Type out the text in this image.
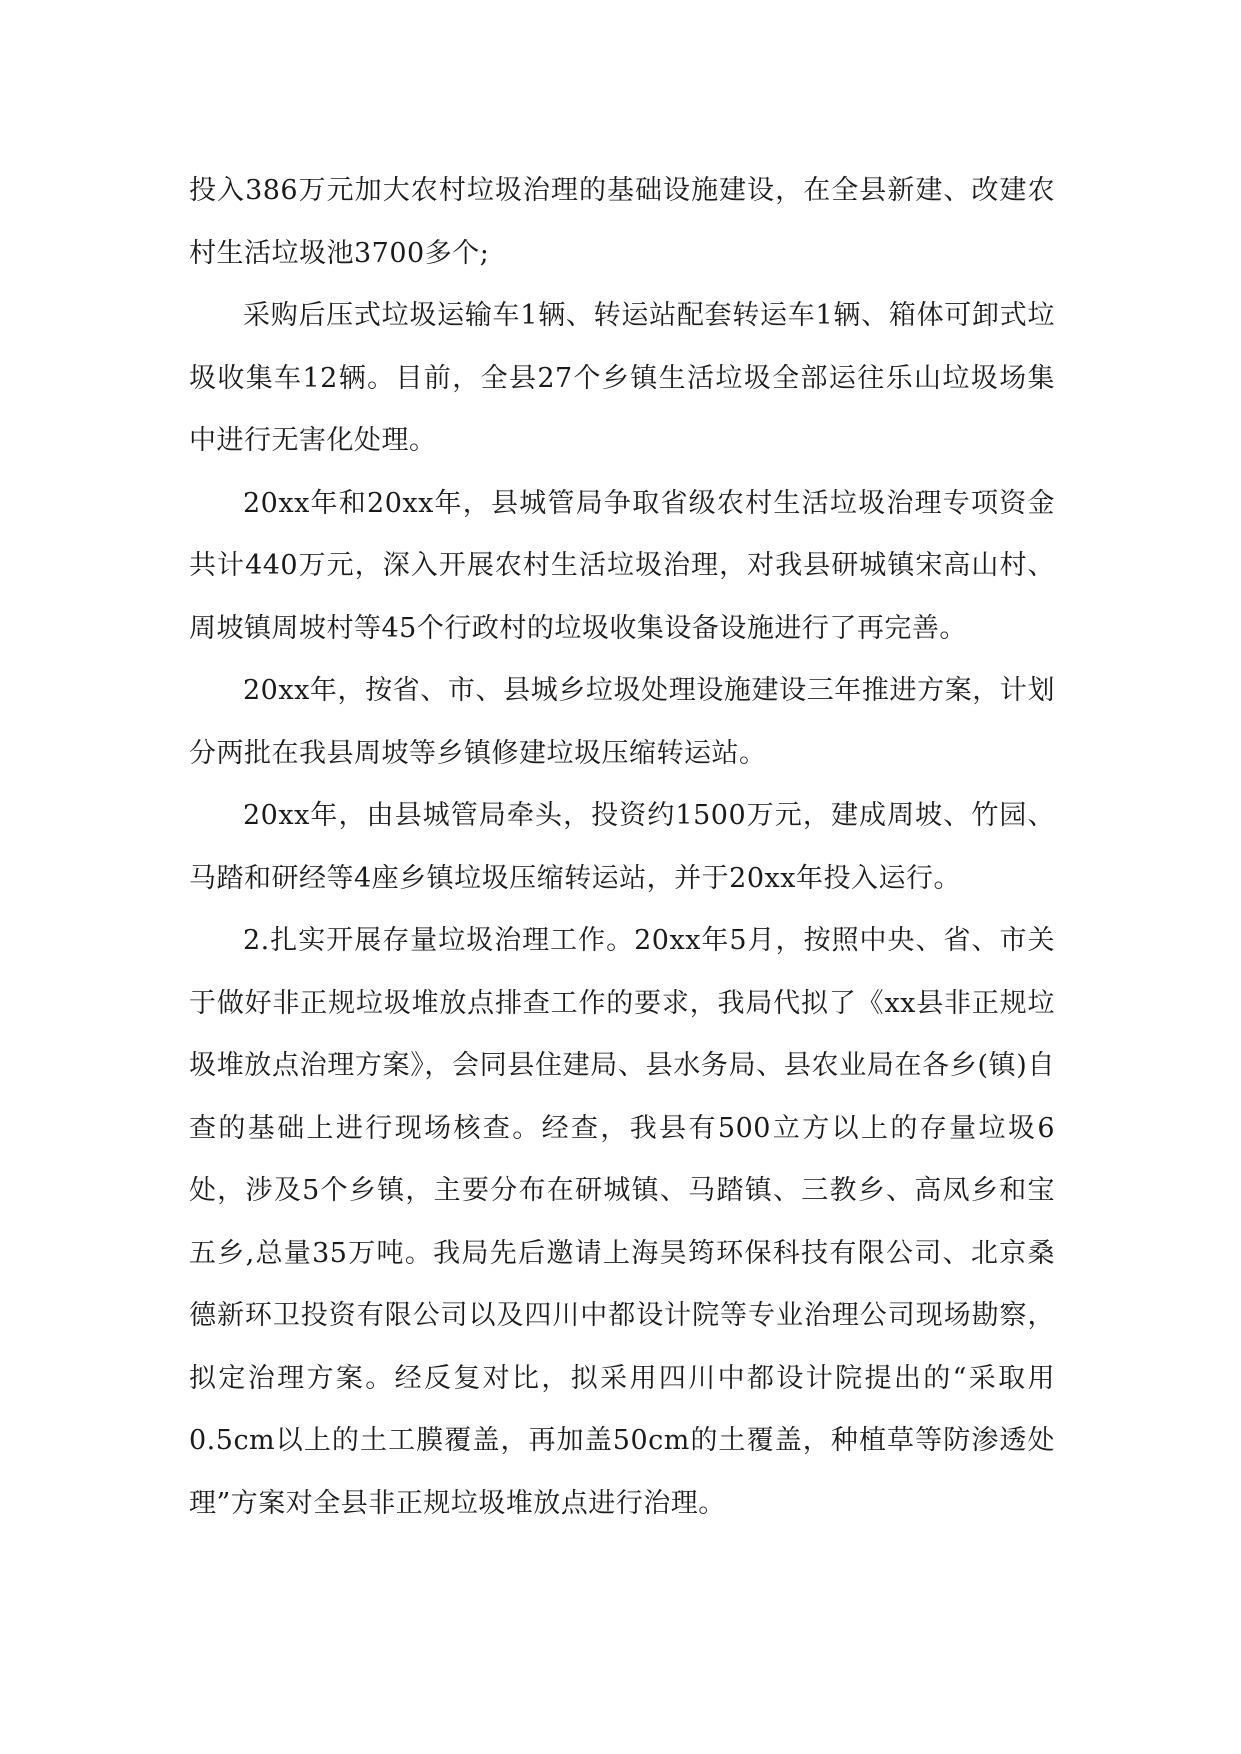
投入386万元加大农村垃圾治理的基础设施建设，在全县新建、改建农村生活垃圾池3700多个;

采购后压式垃圾运输车1辆、转运站配套转运车1辆、箱体可卸式垃圾收集车12辆。目前，全县27个乡镇生活垃圾全部运往乐山垃圾场集中进行无害化处理。

20xx年和20xx年，县城管局争取省级农村生活垃圾治理专项资金共计440万元，深入开展农村生活垃圾治理，对我县研城镇宋高山村、周坡镇周坡村等45个行政村的垃圾收集设备设施进行了再完善。

20xx年，按省、市、县城乡垃圾处理设施建设三年推进方案，计划分两批在我县周坡等乡镇修建垃圾压缩转运站。

20xx年，由县城管局牵头，投资约1500万元，建成周坡、竹园、马踏和研经等4座乡镇垃圾压缩转运站，并于20xx年投入运行。

2.扎实开展存量垃圾治理工作。20xx年5月，按照中央、省、市关于做好非正规垃圾堆放点排查工作的要求，我局代拟了《xx县非正规垃圾堆放点治理方案》，会同县住建局、县水务局、县农业局在各乡(镇)自查的基础上进行现场核查。经查，我县有500立方以上的存量垃圾6处，涉及5个乡镇，主要分布在研城镇、马踏镇、三教乡、高凤乡和宝五乡,总量35万吨。我局先后邀请上海昊筠环保科技有限公司、北京桑德新环卫投资有限公司以及四川中都设计院等专业治理公司现场勘察，拟定治理方案。经反复对比，拟采用四川中都设计院提出的“采取用0.5cm以上的土工膜覆盖，再加盖50cm的土覆盖，种植草等防渗透处理”方案对全县非正规垃圾堆放点进行治理。
